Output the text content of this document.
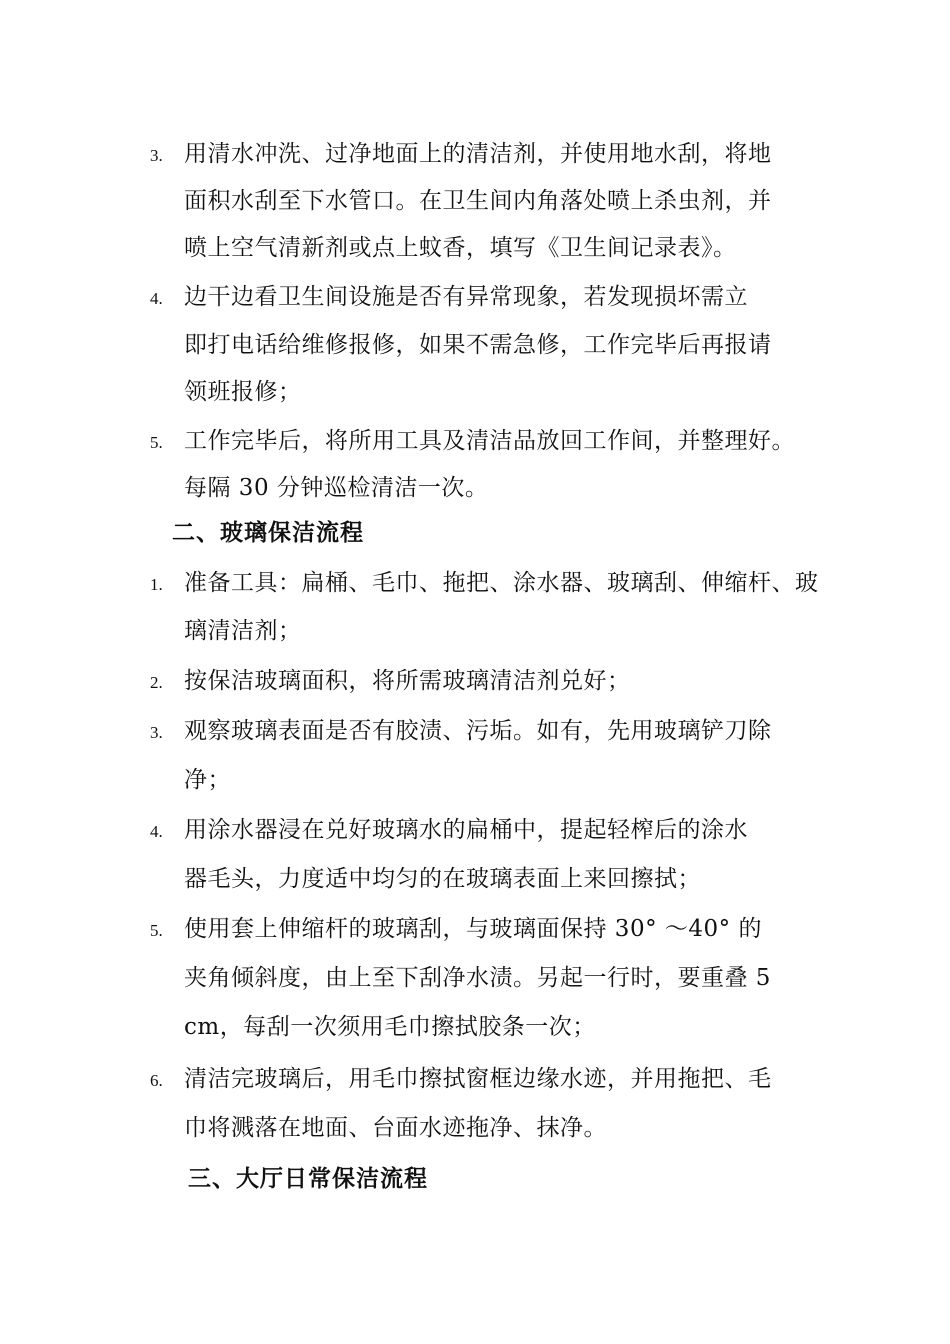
3. 用清水冲洗、过净地面上的清洁剂，并使用地水刮，将地
面积水刮至下水管口。在卫生间内角落处喷上杀虫剂，并
喷上空气清新剂或点上蚊香，填写《卫生间记录表》。
4. 边干边看卫生间设施是否有异常现象，若发现损坏需立
即打电话给维修报修，如果不需急修，工作完毕后再报请
领班报修；
5. 工作完毕后，将所用工具及清洁品放回工作间，并整理好。
每隔 30 分钟巡检清洁一次。
二、玻璃保洁流程
1. 准备工具：扁桶、毛巾、拖把、涂水器、玻璃刮、伸缩杆、玻
璃清洁剂；
2. 按保洁玻璃面积，将所需玻璃清洁剂兑好；
3. 观察玻璃表面是否有胶渍、污垢。如有，先用玻璃铲刀除
净；
4. 用涂水器浸在兑好玻璃水的扁桶中，提起轻榨后的涂水
器毛头，力度适中均匀的在玻璃表面上来回擦拭；
5. 使用套上伸缩杆的玻璃刮，与玻璃面保持 30° ～40° 的
夹角倾斜度，由上至下刮净水渍。另起一行时，要重叠 5
cm，每刮一次须用毛巾擦拭胶条一次；
6. 清洁完玻璃后，用毛巾擦拭窗框边缘水迹，并用拖把、毛
巾将溅落在地面、台面水迹拖净、抹净。
三、大厅日常保洁流程
